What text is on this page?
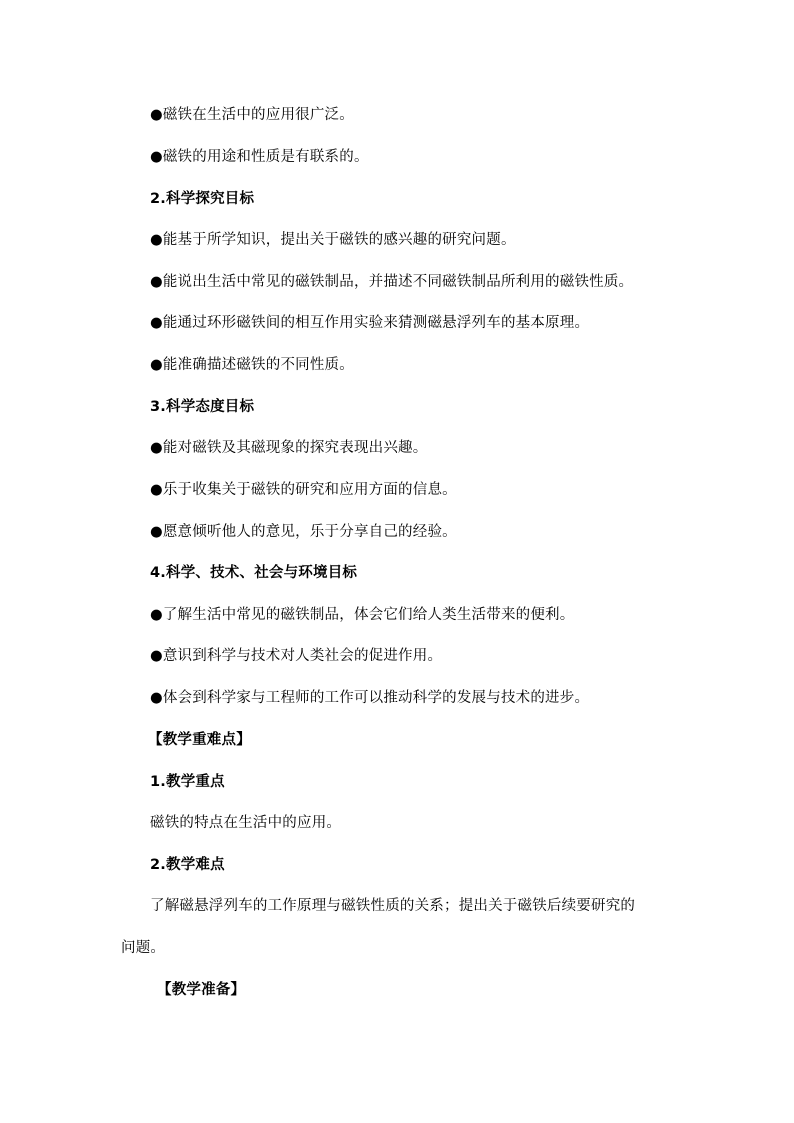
●磁铁在生活中的应用很广泛。
●磁铁的用途和性质是有联系的。
2.科学探究目标
●能基于所学知识，提出关于磁铁的感兴趣的研究问题。
●能说出生活中常见的磁铁制品，并描述不同磁铁制品所利用的磁铁性质。
●能通过环形磁铁间的相互作用实验来猜测磁悬浮列车的基本原理。
●能准确描述磁铁的不同性质。
3.科学态度目标
●能对磁铁及其磁现象的探究表现出兴趣。
●乐于收集关于磁铁的研究和应用方面的信息。
●愿意倾听他人的意见，乐于分享自己的经验。
4.科学、技术、社会与环境目标
●了解生活中常见的磁铁制品，体会它们给人类生活带来的便利。
●意识到科学与技术对人类社会的促进作用。
●体会到科学家与工程师的工作可以推动科学的发展与技术的进步。
【教学重难点】
1.教学重点
磁铁的特点在生活中的应用。
2.教学难点
了解磁悬浮列车的工作原理与磁铁性质的关系；提出关于磁铁后续要研究的
问题。
【教学准备】
